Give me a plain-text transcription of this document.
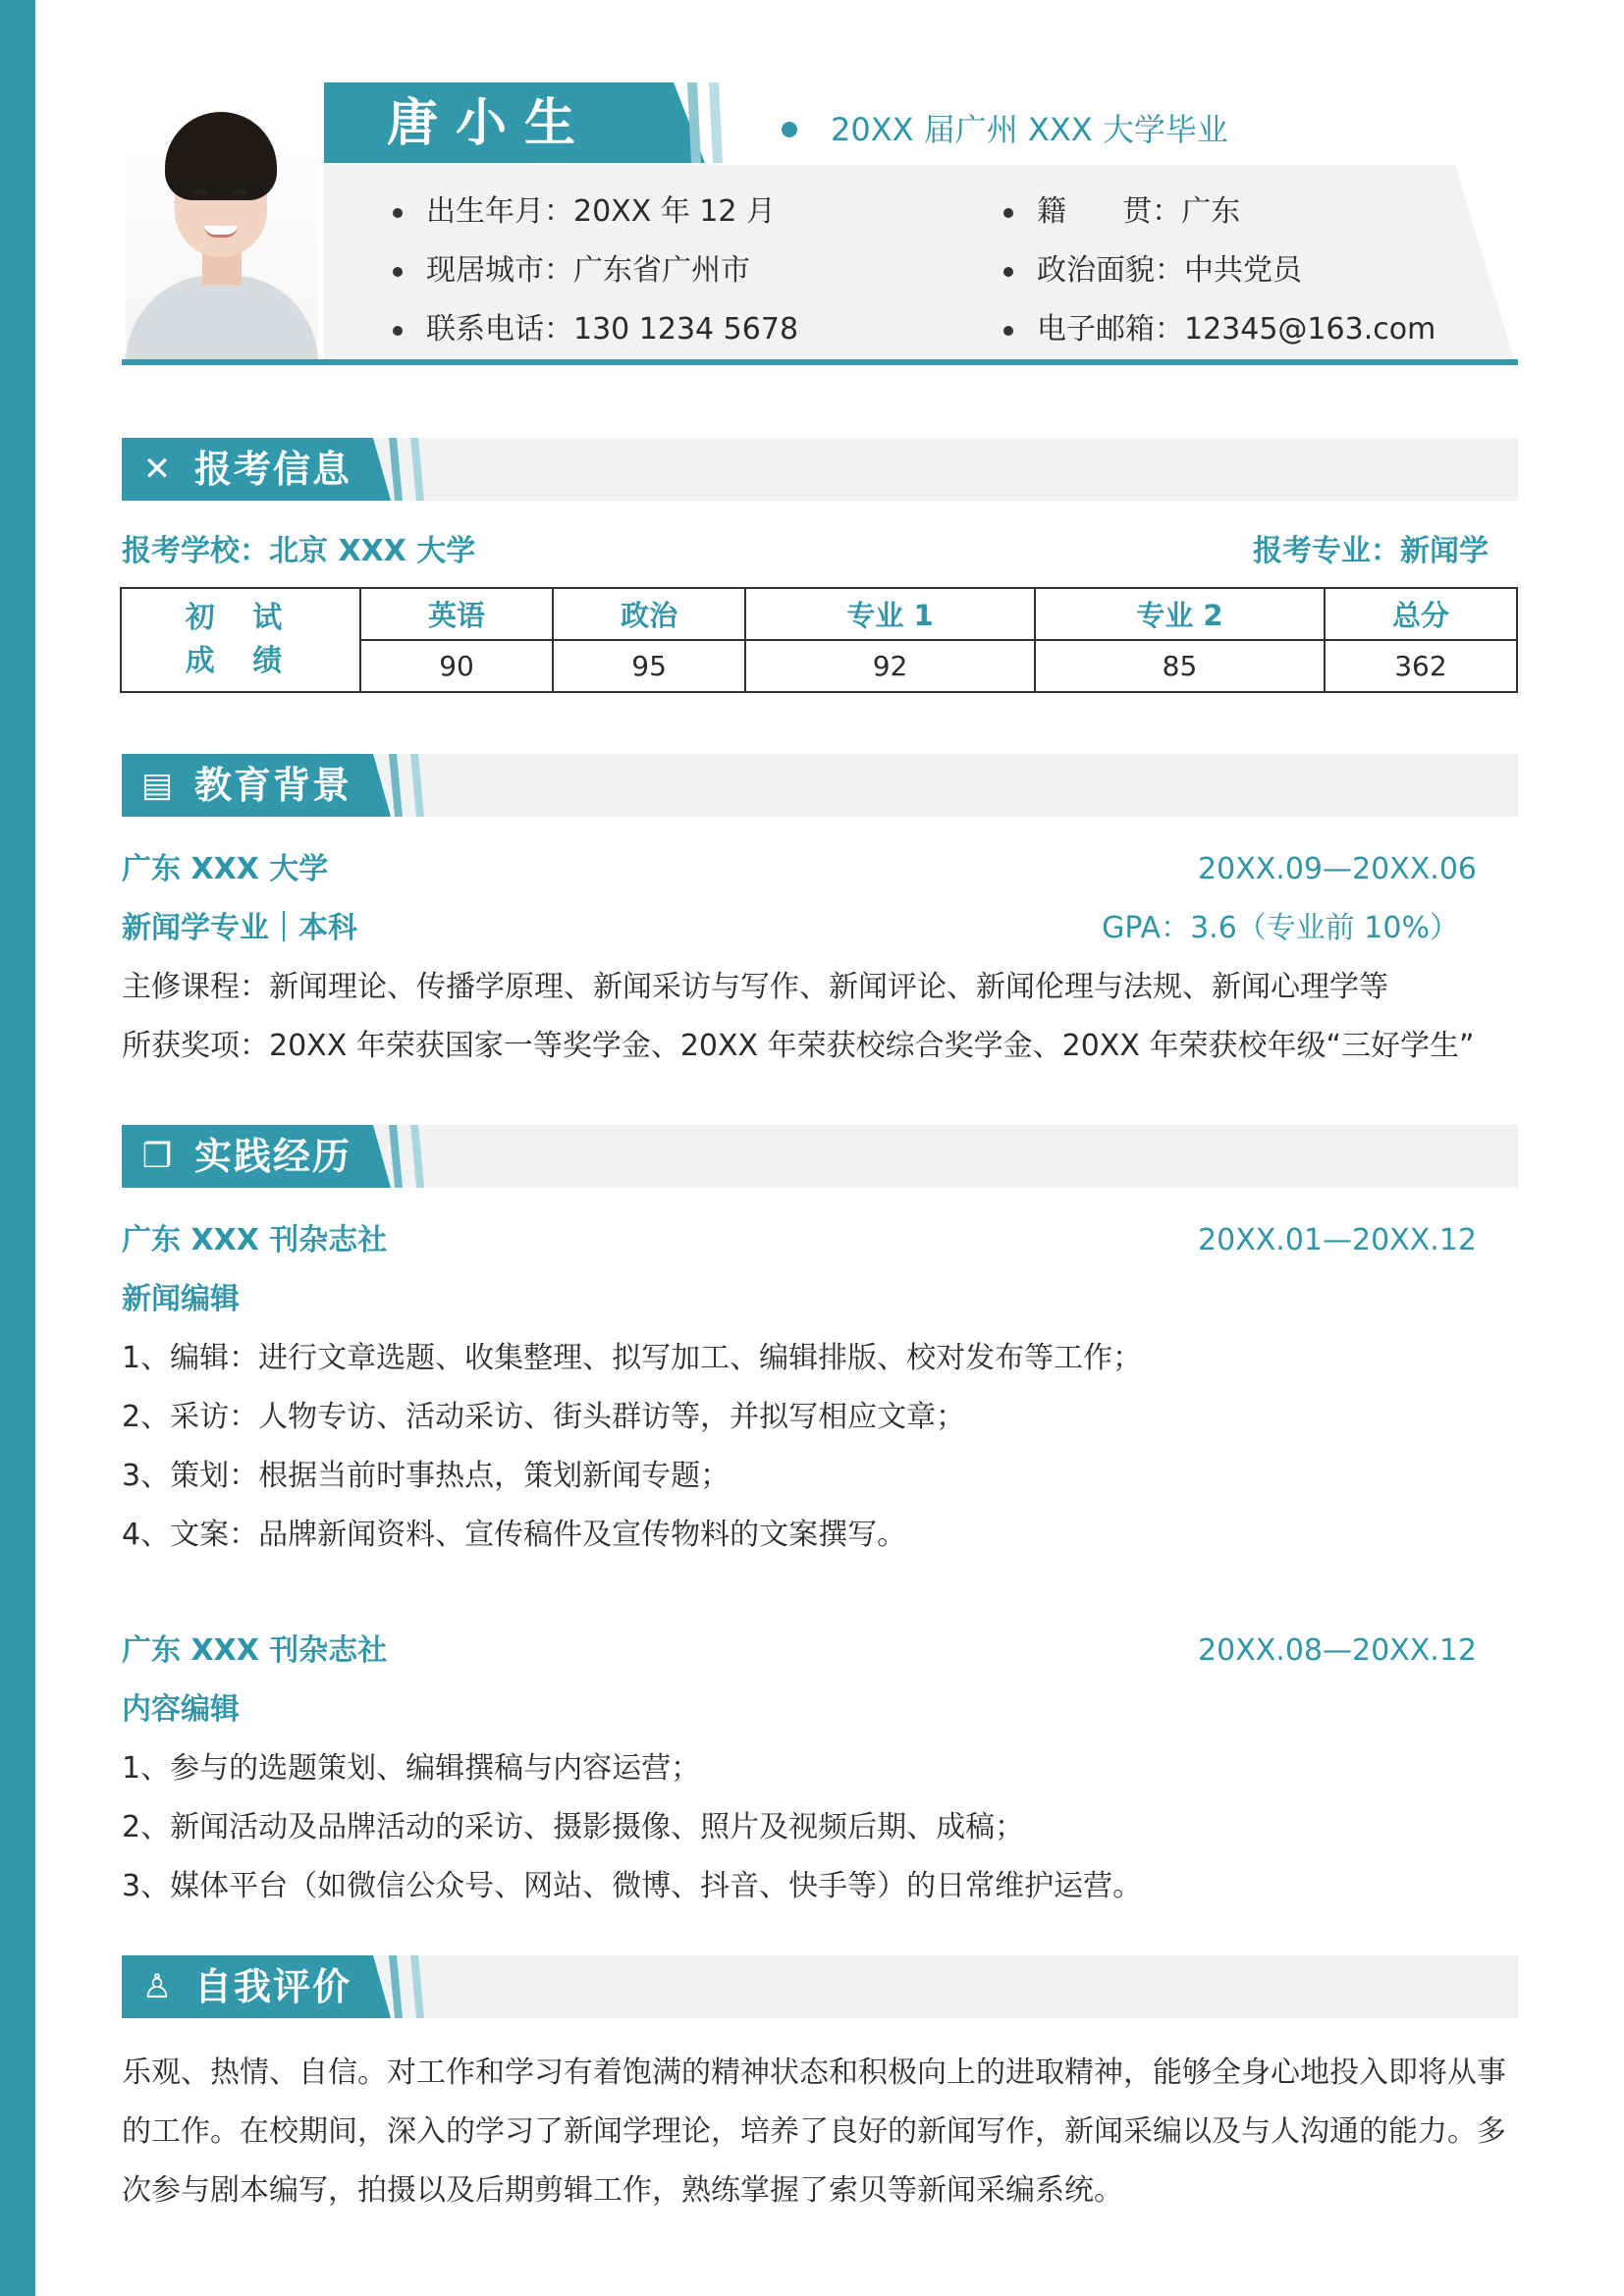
唐小生	20XX 届广州 XXX 大学毕业
出生年月：20XX 年 12 月
现居城市：广东省广州市
联系电话：130 1234 5678
籍      贯：广东
政治面貌：中共党员
电子邮箱：12345@163.com
✕ 报考信息
报考学校：北京 XXX 大学	报考专业：新闻学
初 试
成 绩	英语	政治	专业 1	专业 2	总分
	90	95	92	85	362
▤ 教育背景
广东 XXX 大学	20XX.09—20XX.06
新闻学专业｜本科	GPA：3.6（专业前 10%）
主修课程：新闻理论、传播学原理、新闻采访与写作、新闻评论、新闻伦理与法规、新闻心理学等
所获奖项：20XX 年荣获国家一等奖学金、20XX 年荣获校综合奖学金、20XX 年荣获校年级“三好学生”
❐ 实践经历
广东 XXX 刊杂志社	20XX.01—20XX.12
新闻编辑
1、编辑：进行文章选题、收集整理、拟写加工、编辑排版、校对发布等工作；
2、采访：人物专访、活动采访、街头群访等，并拟写相应文章；
3、策划：根据当前时事热点，策划新闻专题；
4、文案：品牌新闻资料、宣传稿件及宣传物料的文案撰写。
广东 XXX 刊杂志社	20XX.08—20XX.12
内容编辑
1、参与的选题策划、编辑撰稿与内容运营；
2、新闻活动及品牌活动的采访、摄影摄像、照片及视频后期、成稿；
3、媒体平台（如微信公众号、网站、微博、抖音、快手等）的日常维护运营。
♙ 自我评价

乐观、热情、自信。对工作和学习有着饱满的精神状态和积极向上的进取精神，能够全身心地投入即将从事的工作。在校期间，深入的学习了新闻学理论，培养了良好的新闻写作，新闻采编以及与人沟通的能力。多次参与剧本编写，拍摄以及后期剪辑工作，熟练掌握了索贝等新闻采编系统。
